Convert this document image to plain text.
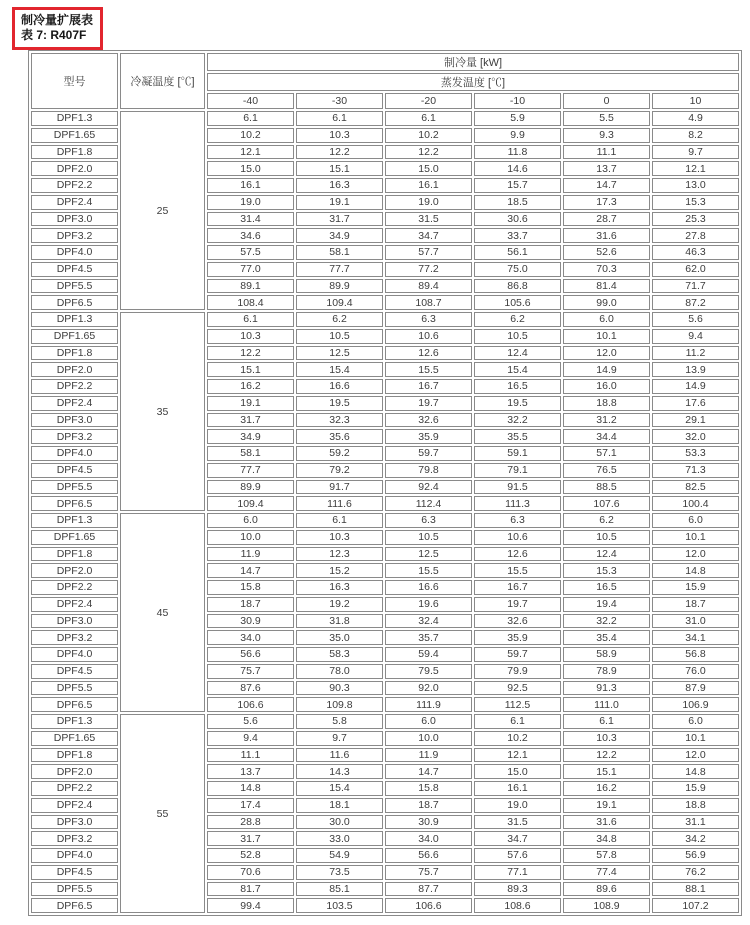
制冷量扩展表
表 7: R407F
型号	冷凝温度 [℃]	制冷量 [kW]					
		蒸发温度 [℃]					
		-40	-30	-20	-10	0	10
DPF1.3	25	6.1	6.1	6.1	5.9	5.5	4.9
DPF1.65		10.2	10.3	10.2	9.9	9.3	8.2
DPF1.8		12.1	12.2	12.2	11.8	11.1	9.7
DPF2.0		15.0	15.1	15.0	14.6	13.7	12.1
DPF2.2		16.1	16.3	16.1	15.7	14.7	13.0
DPF2.4		19.0	19.1	19.0	18.5	17.3	15.3
DPF3.0		31.4	31.7	31.5	30.6	28.7	25.3
DPF3.2		34.6	34.9	34.7	33.7	31.6	27.8
DPF4.0		57.5	58.1	57.7	56.1	52.6	46.3
DPF4.5		77.0	77.7	77.2	75.0	70.3	62.0
DPF5.5		89.1	89.9	89.4	86.8	81.4	71.7
DPF6.5		108.4	109.4	108.7	105.6	99.0	87.2
DPF1.3	35	6.1	6.2	6.3	6.2	6.0	5.6
DPF1.65		10.3	10.5	10.6	10.5	10.1	9.4
DPF1.8		12.2	12.5	12.6	12.4	12.0	11.2
DPF2.0		15.1	15.4	15.5	15.4	14.9	13.9
DPF2.2		16.2	16.6	16.7	16.5	16.0	14.9
DPF2.4		19.1	19.5	19.7	19.5	18.8	17.6
DPF3.0		31.7	32.3	32.6	32.2	31.2	29.1
DPF3.2		34.9	35.6	35.9	35.5	34.4	32.0
DPF4.0		58.1	59.2	59.7	59.1	57.1	53.3
DPF4.5		77.7	79.2	79.8	79.1	76.5	71.3
DPF5.5		89.9	91.7	92.4	91.5	88.5	82.5
DPF6.5		109.4	111.6	112.4	111.3	107.6	100.4
DPF1.3	45	6.0	6.1	6.3	6.3	6.2	6.0
DPF1.65		10.0	10.3	10.5	10.6	10.5	10.1
DPF1.8		11.9	12.3	12.5	12.6	12.4	12.0
DPF2.0		14.7	15.2	15.5	15.5	15.3	14.8
DPF2.2		15.8	16.3	16.6	16.7	16.5	15.9
DPF2.4		18.7	19.2	19.6	19.7	19.4	18.7
DPF3.0		30.9	31.8	32.4	32.6	32.2	31.0
DPF3.2		34.0	35.0	35.7	35.9	35.4	34.1
DPF4.0		56.6	58.3	59.4	59.7	58.9	56.8
DPF4.5		75.7	78.0	79.5	79.9	78.9	76.0
DPF5.5		87.6	90.3	92.0	92.5	91.3	87.9
DPF6.5		106.6	109.8	111.9	112.5	111.0	106.9
DPF1.3	55	5.6	5.8	6.0	6.1	6.1	6.0
DPF1.65		9.4	9.7	10.0	10.2	10.3	10.1
DPF1.8		11.1	11.6	11.9	12.1	12.2	12.0
DPF2.0		13.7	14.3	14.7	15.0	15.1	14.8
DPF2.2		14.8	15.4	15.8	16.1	16.2	15.9
DPF2.4		17.4	18.1	18.7	19.0	19.1	18.8
DPF3.0		28.8	30.0	30.9	31.5	31.6	31.1
DPF3.2		31.7	33.0	34.0	34.7	34.8	34.2
DPF4.0		52.8	54.9	56.6	57.6	57.8	56.9
DPF4.5		70.6	73.5	75.7	77.1	77.4	76.2
DPF5.5		81.7	85.1	87.7	89.3	89.6	88.1
DPF6.5		99.4	103.5	106.6	108.6	108.9	107.2
